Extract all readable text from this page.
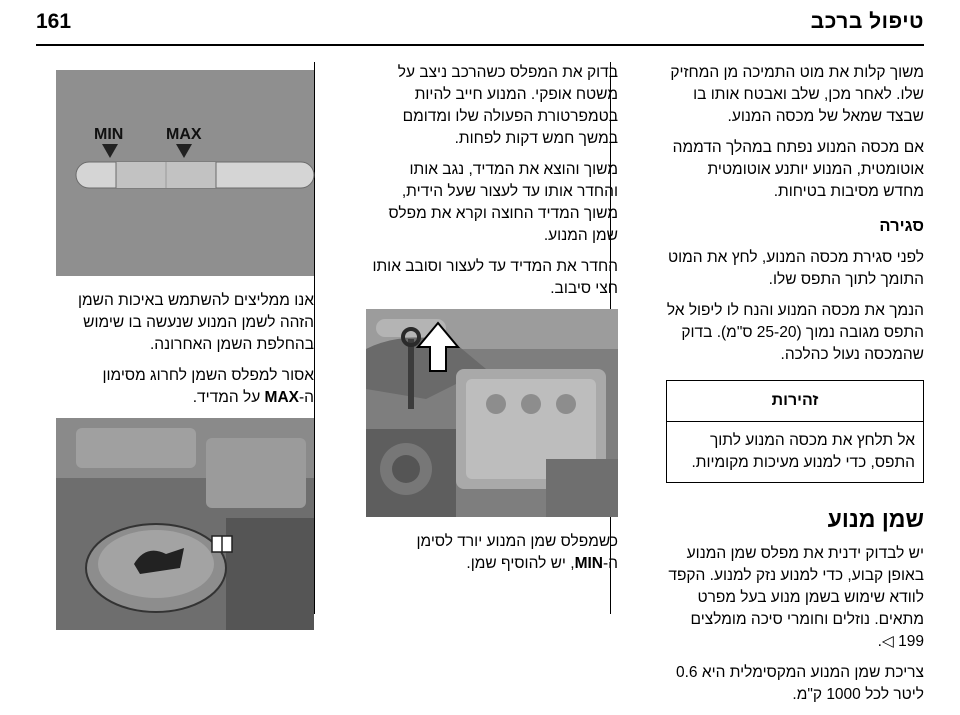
טיפול ברכב
161
משוך קלות את מוט התמיכה מן המחזיק שלו. לאחר מכן, שלב ואבטח אותו בו שבצד שמאל של מכסה המנוע.
אם מכסה המנוע נפתח במהלך הדממה אוטומטית, המנוע יותנע אוטומטית מחדש מסיבות בטיחות.
סגירה
לפני סגירת מכסה המנוע, לחץ את המוט התומך לתוך התפס שלו.
הנמך את מכסה המנוע והנח לו ליפול אל התפס מגובה נמוך (25-20 ס"מ). בדוק שהמכסה נעול כהלכה.
זהירות
אל תלחץ את מכסה המנוע לתוך התפס, כדי למנוע מעיכות מקומיות.
שמן מנוע
יש לבדוק ידנית את מפלס שמן המנוע באופן קבוע, כדי למנוע נזק למנוע. הקפד לוודא שימוש בשמן מנוע בעל מפרט מתאים. נוזלים וחומרי סיכה מומלצים
199 ◁.
צריכת שמן המנוע המקסימלית היא 0.6 ליטר לכל 1000 ק"מ.
בדוק את המפלס כשהרכב ניצב על משטח אופקי. המנוע חייב להיות בטמפרטורת הפעולה שלו ומדומם במשך חמש דקות לפחות.
משוך והוצא את המדיד, נגב אותו והחדר אותו עד לעצור שעל הידית, משוך המדיד החוצה וקרא את מפלס שמן המנוע.
החדר את המדיד עד לעצור וסובב אותו חצי סיבוב.
כשמפלס שמן המנוע יורד לסימן ה-MIN, יש להוסיף שמן.
MIN	MAX
אנו ממליצים להשתמש באיכות השמן הזהה לשמן המנוע שנעשה בו שימוש בהחלפת השמן האחרונה.
אסור למפלס השמן לחרוג מסימון ה-MAX על המדיד.
